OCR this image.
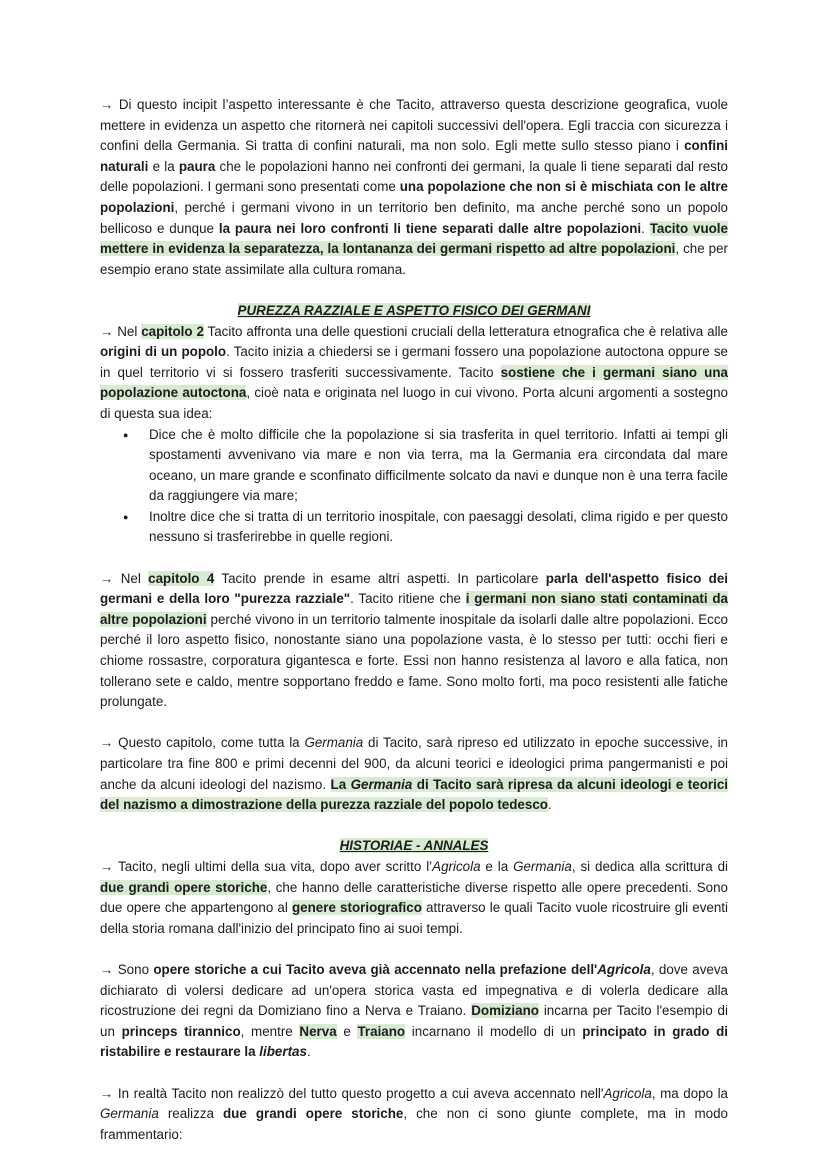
→ Di questo incipit l’aspetto interessante è che Tacito, attraverso questa descrizione geografica, vuole mettere in evidenza un aspetto che ritornerà nei capitoli successivi dell'opera. Egli traccia con sicurezza i confini della Germania. Si tratta di confini naturali, ma non solo. Egli mette sullo stesso piano i confini naturali e la paura che le popolazioni hanno nei confronti dei germani, la quale li tiene separati dal resto delle popolazioni. I germani sono presentati come una popolazione che non si è mischiata con le altre popolazioni, perché i germani vivono in un territorio ben definito, ma anche perché sono un popolo bellicoso e dunque la paura nei loro confronti li tiene separati dalle altre popolazioni. Tacito vuole mettere in evidenza la separatezza, la lontananza dei germani rispetto ad altre popolazioni, che per esempio erano state assimilate alla cultura romana.

PUREZZA RAZZIALE E ASPETTO FISICO DEI GERMANI

→ Nel capitolo 2 Tacito affronta una delle questioni cruciali della letteratura etnografica che è relativa alle origini di un popolo. Tacito inizia a chiedersi se i germani fossero una popolazione autoctona oppure se in quel territorio vi si fossero trasferiti successivamente. Tacito sostiene che i germani siano una popolazione autoctona, cioè nata e originata nel luogo in cui vivono. Porta alcuni argomenti a sostegno di questa sua idea:

● Dice che è molto difficile che la popolazione si sia trasferita in quel territorio. Infatti ai tempi gli spostamenti avvenivano via mare e non via terra, ma la Germania era circondata dal mare oceano, un mare grande e sconfinato difficilmente solcato da navi e dunque non è una terra facile da raggiungere via mare;
● Inoltre dice che si tratta di un territorio inospitale, con paesaggi desolati, clima rigido e per questo nessuno si trasferirebbe in quelle regioni.

→ Nel capitolo 4 Tacito prende in esame altri aspetti. In particolare parla dell'aspetto fisico dei germani e della loro "purezza razziale". Tacito ritiene che i germani non siano stati contaminati da altre popolazioni perché vivono in un territorio talmente inospitale da isolarli dalle altre popolazioni. Ecco perché il loro aspetto fisico, nonostante siano una popolazione vasta, è lo stesso per tutti: occhi fieri e chiome rossastre, corporatura gigantesca e forte. Essi non hanno resistenza al lavoro e alla fatica, non tollerano sete e caldo, mentre sopportano freddo e fame. Sono molto forti, ma poco resistenti alle fatiche prolungate.

→ Questo capitolo, come tutta la Germania di Tacito, sarà ripreso ed utilizzato in epoche successive, in particolare tra fine 800 e primi decenni del 900, da alcuni teorici e ideologici prima pangermanisti e poi anche da alcuni ideologi del nazismo. La Germania di Tacito sarà ripresa da alcuni ideologi e teorici del nazismo a dimostrazione della purezza razziale del popolo tedesco.

HISTORIAE - ANNALES

→ Tacito, negli ultimi della sua vita, dopo aver scritto l’Agricola e la Germania, si dedica alla scrittura di due grandi opere storiche, che hanno delle caratteristiche diverse rispetto alle opere precedenti. Sono due opere che appartengono al genere storiografico attraverso le quali Tacito vuole ricostruire gli eventi della storia romana dall'inizio del principato fino ai suoi tempi.

→ Sono opere storiche a cui Tacito aveva già accennato nella prefazione dell'Agricola, dove aveva dichiarato di volersi dedicare ad un'opera storica vasta ed impegnativa e di volerla dedicare alla ricostruzione dei regni da Domiziano fino a Nerva e Traiano. Domiziano incarna per Tacito l'esempio di un princeps tirannico, mentre Nerva e Traiano incarnano il modello di un principato in grado di ristabilire e restaurare la libertas.

→ In realtà Tacito non realizzò del tutto questo progetto a cui aveva accennato nell'Agricola, ma dopo la Germania realizza due grandi opere storiche, che non ci sono giunte complete, ma in modo frammentario:
